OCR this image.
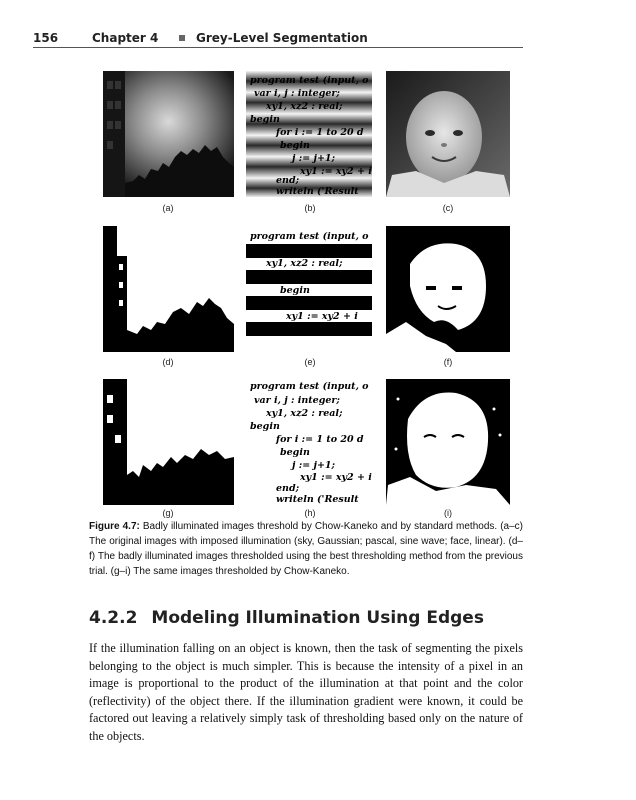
156	Chapter 4	Grey-Level Segmentation
(a)
program test (input, o
var i, j : integer;
xy1, xz2 : real;
begin
for i := 1 to 20 d
begin
j := j+1;
xy1 := xy2 + i
end;
writeln ('Result
(b)	(c)
(d)
program test (input, o
xy1, xz2 : real;
begin
xy1 := xy2 + i
(e)	(f)
(g)
program test (input, o
var i, j : integer;
xy1, xz2 : real;
begin
for i := 1 to 20 d
begin
j := j+1;
xy1 := xy2 + i
end;
writeln ('Result
(h)	(i)
Figure 4.7: Badly illuminated images threshold by Chow-Kaneko and by standard methods. (a–c) The original images with imposed illumination (sky, Gaussian; pascal, sine wave; face, linear). (d–f) The badly illuminated images thresholded using the best thresholding method from the previous trial. (g–i) The same images thresholded by Chow-Kaneko.
4.2.2 Modeling Illumination Using Edges

If the illumination falling on an object is known, then the task of segmenting the pixels belonging to the object is much simpler. This is because the intensity of a pixel in an image is proportional to the product of the illumination at that point and the color (reflectivity) of the object there. If the illumination gradient were known, it could be factored out leaving a relatively simply task of thresholding based only on the nature of the objects.
